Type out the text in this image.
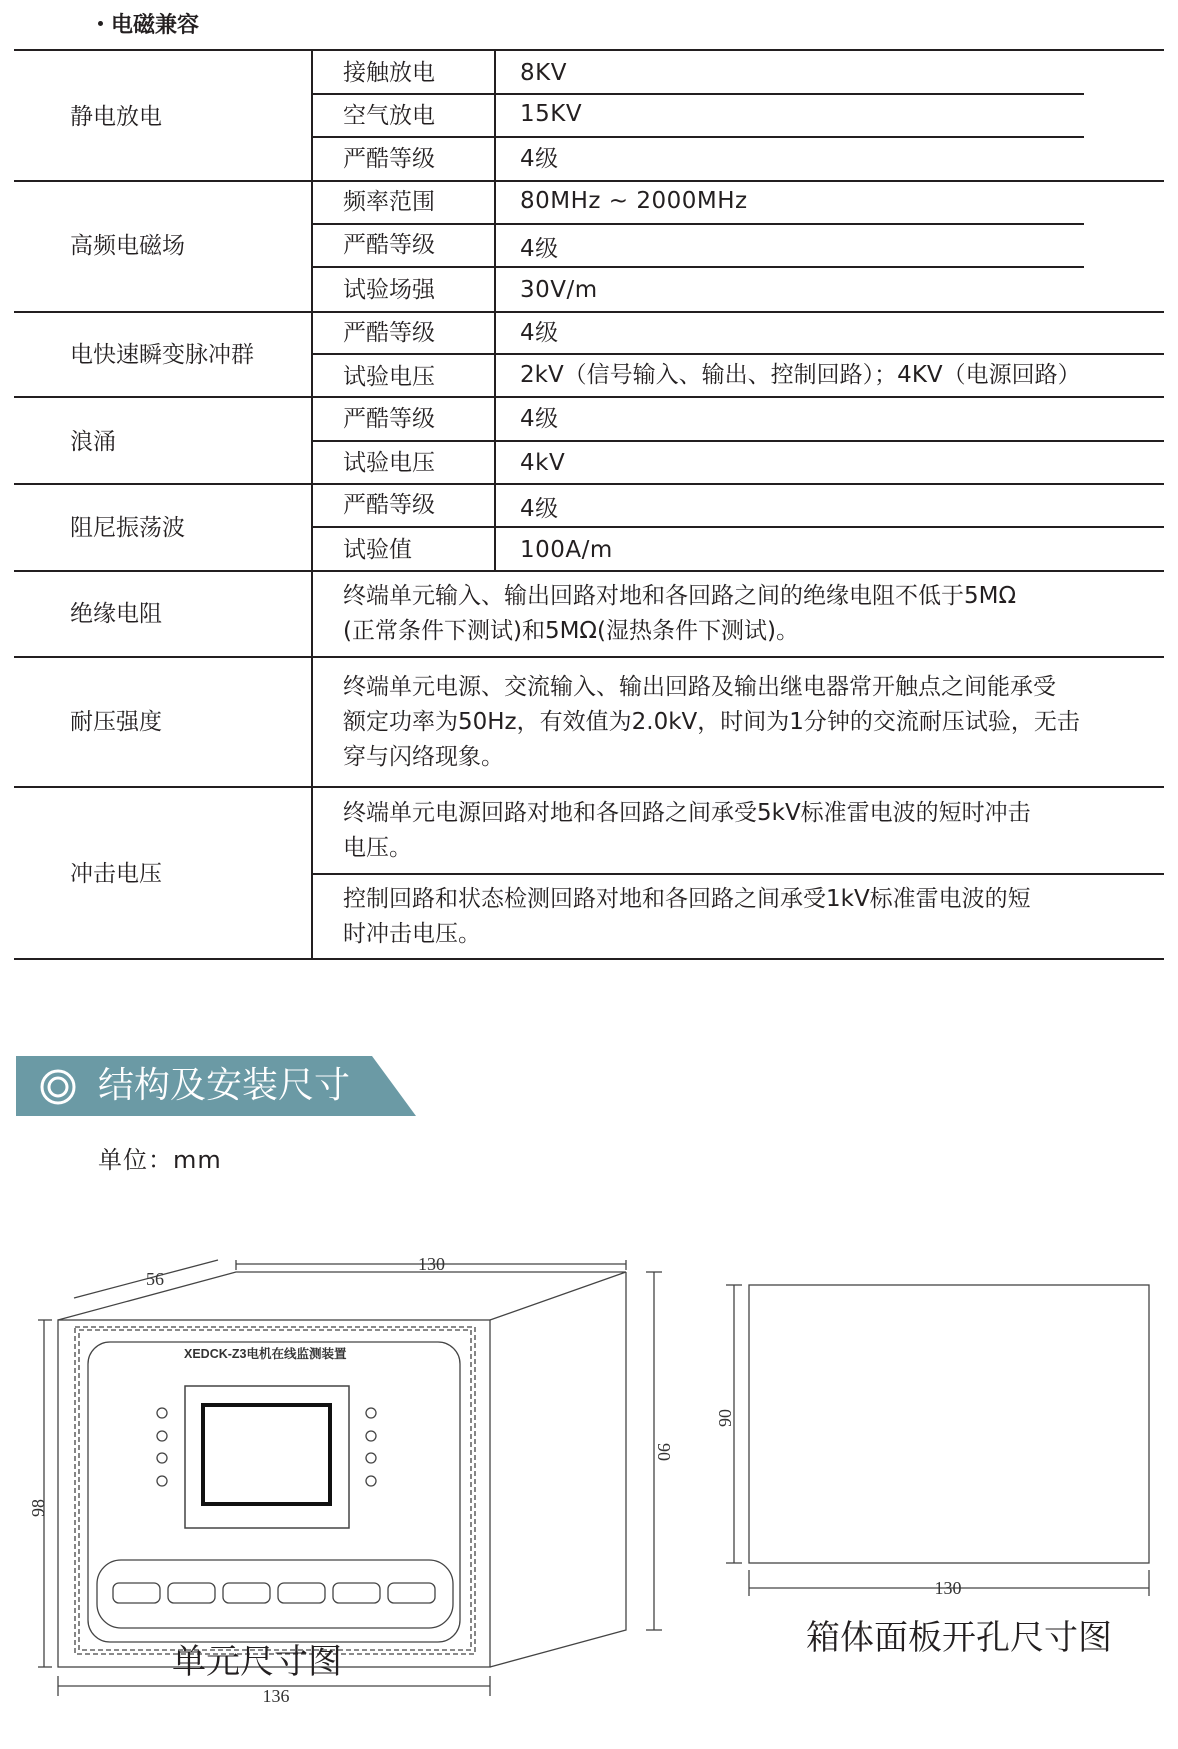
电磁兼容
静电放电
接触放电	8KV
空气放电	15KV
严酷等级	4级
高频电磁场
频率范围	80MHz ~ 2000MHz
严酷等级	4级
试验场强	30V/m
电快速瞬变脉冲群
严酷等级	4级
试验电压	2kV（信号输入、输出、控制回路）；4KV（电源回路）
浪涌
严酷等级	4级
试验电压	4kV
阻尼振荡波
严酷等级	4级
试验值	100A/m
绝缘电阻
终端单元输入、输出回路对地和各回路之间的绝缘电阻不低于5MΩ
(正常条件下测试)和5MΩ(湿热条件下测试)。
耐压强度
终端单元电源、交流输入、输出回路及输出继电器常开触点之间能承受
额定功率为50Hz，有效值为2.0kV，时间为1分钟的交流耐压试验，无击
穿与闪络现象。
冲击电压
终端单元电源回路对地和各回路之间承受5kV标准雷电波的短时冲击
电压。
控制回路和状态检测回路对地和各回路之间承受1kV标准雷电波的短
时冲击电压。
结构及安装尺寸
单位：mm
XEDCK-Z3电机在线监测装置
56
130
98
90
136
单元尺寸图
90
130
箱体面板开孔尺寸图
